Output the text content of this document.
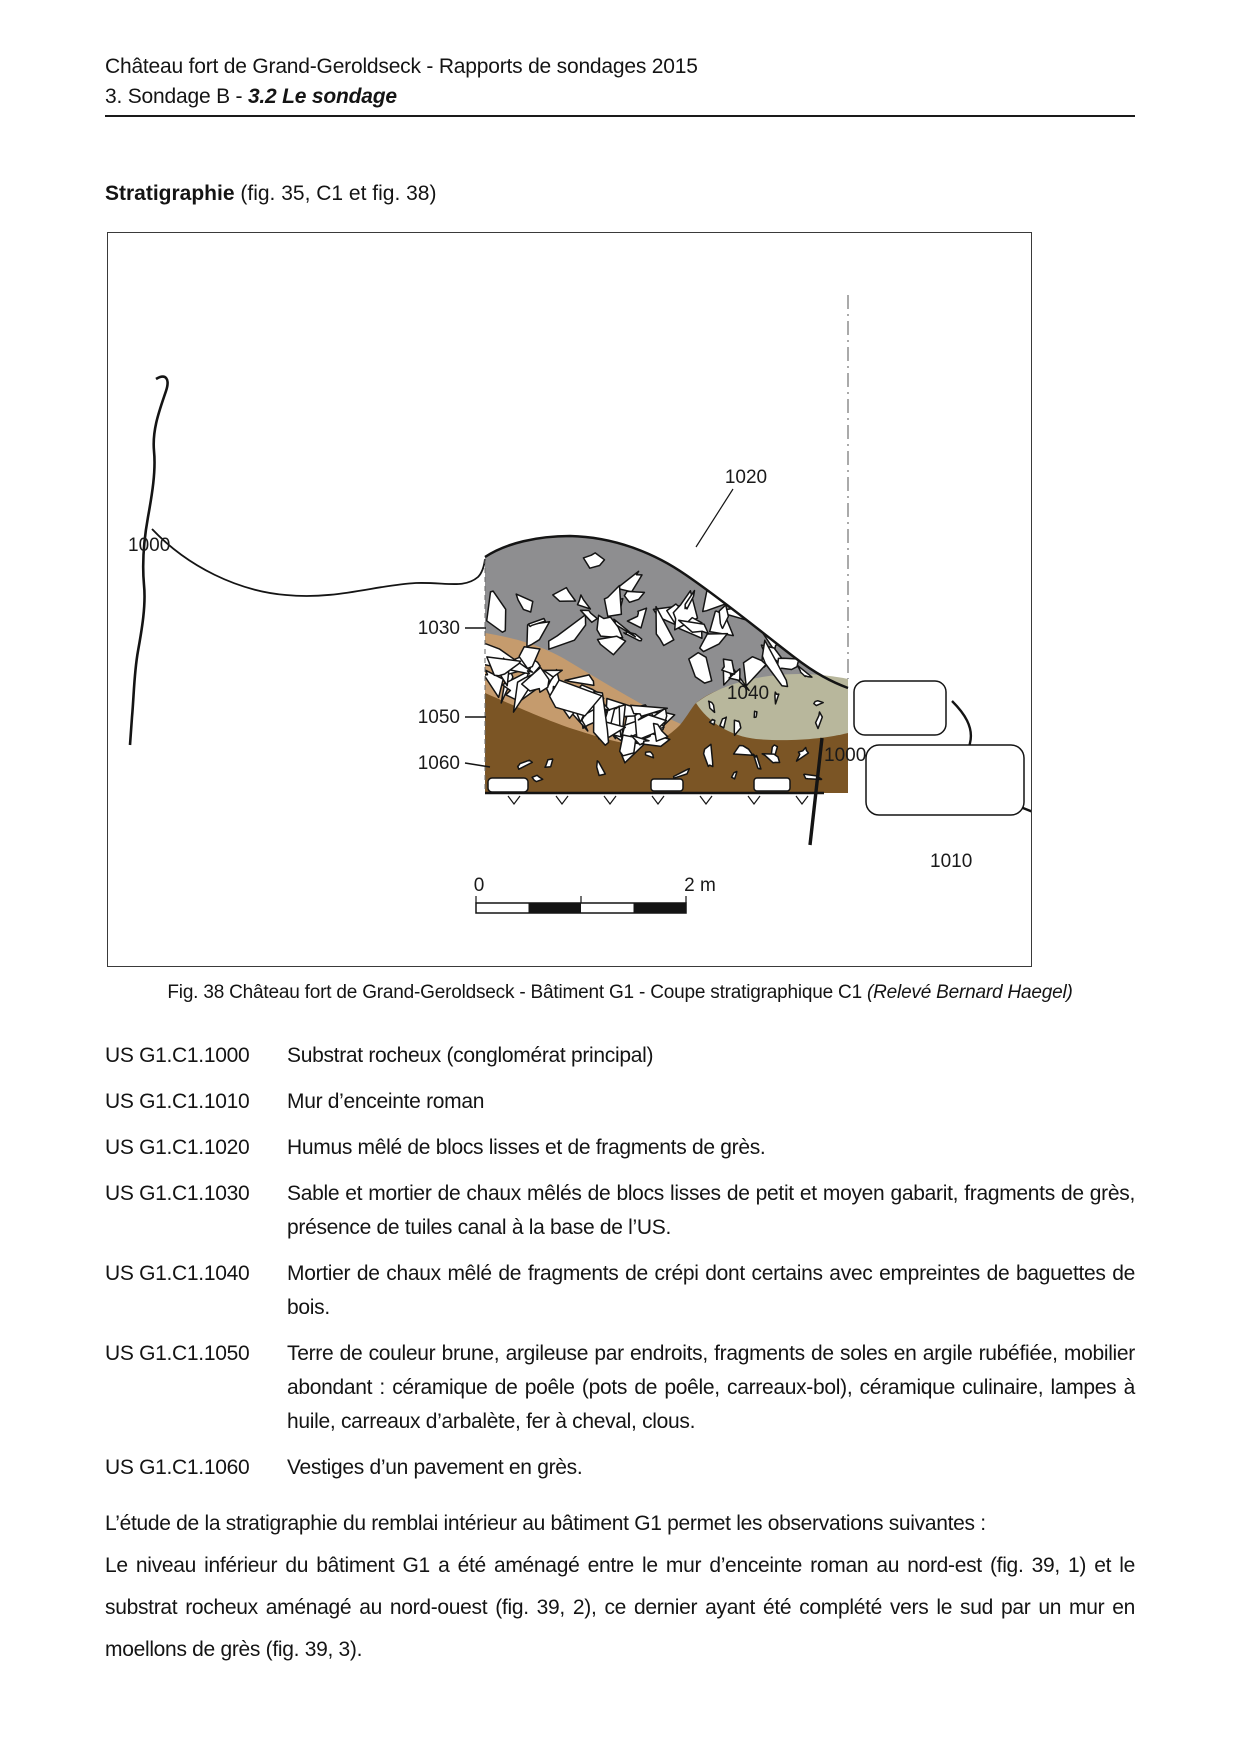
Château fort de Grand-Geroldseck - Rapports de sondages 2015
3. Sondage B - 3.2 Le sondage
Stratigraphie (fig. 35, C1 et fig. 38)
0	2 m
1000
1020
1030
1040
1050
1060	1000
1010
Fig. 38 Château fort de Grand-Geroldseck - Bâtiment G1 - Coupe stratigraphique C1 (Relevé Bernard Haegel)
US G1.C1.1000	Substrat rocheux (conglomérat principal)
US G1.C1.1010	Mur d’enceinte roman
US G1.C1.1020	Humus mêlé de blocs lisses et de fragments de grès.
US G1.C1.1030	Sable et mortier de chaux mêlés de blocs lisses de petit et moyen gabarit, fragments de grès, présence de tuiles canal à la base de l’US.
US G1.C1.1040	Mortier de chaux mêlé de fragments de crépi dont certains avec empreintes de baguettes de bois.
US G1.C1.1050	Terre de couleur brune, argileuse par endroits, fragments de soles en argile rubéfiée, mobilier abondant : céramique de poêle (pots de poêle, carreaux-bol), céramique culinaire, lampes à huile, carreaux d’arbalète, fer à cheval, clous.
US G1.C1.1060	Vestiges d’un pavement en grès.

L’étude de la stratigraphie du remblai intérieur au bâtiment G1 permet les observations suivantes :

Le niveau inférieur du bâtiment G1 a été aménagé entre le mur d’enceinte roman au nord-est (fig. 39, 1) et le substrat rocheux aménagé au nord-ouest (fig. 39, 2), ce dernier ayant été complété vers le sud par un mur en moellons de grès (fig. 39, 3).
